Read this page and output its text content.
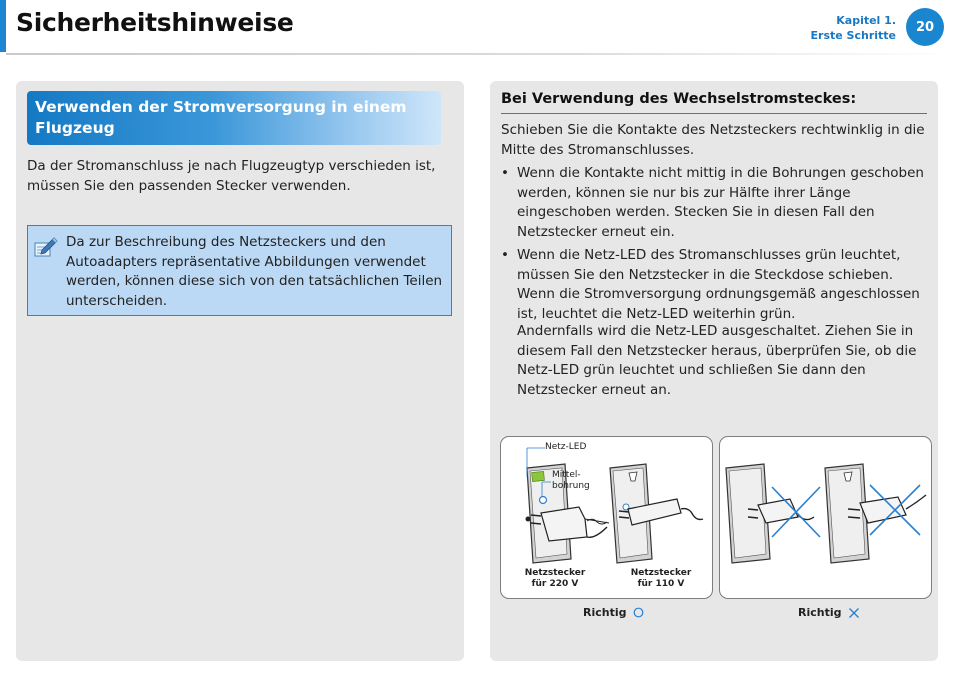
Sicherheitshinweise	Kapitel 1.
Erste Schritte
20
Verwenden der Stromversorgung in einem Flugzeug
Da der Stromanschluss je nach Flugzeugtyp verschieden ist, müssen Sie den passenden Stecker verwenden.
Da zur Beschreibung des Netzsteckers und den Autoadapters repräsentative Abbildungen verwendet werden, können diese sich von den tatsächlichen Teilen unterscheiden.
Bei Verwendung des Wechselstromsteckes:
Schieben Sie die Kontakte des Netzsteckers rechtwinklig in die Mitte des Stromanschlusses.
• Wenn die Kontakte nicht mittig in die Bohrungen geschoben werden, können sie nur bis zur Hälfte ihrer Länge eingeschoben werden. Stecken Sie in diesen Fall den Netzstecker erneut ein.
• Wenn die Netz-LED des Stromanschlusses grün leuchtet, müssen Sie den Netzstecker in die Steckdose schieben. Wenn die Stromversorgung ordnungsgemäß angeschlossen ist, leuchtet die Netz-LED weiterhin grün.
Andernfalls wird die Netz-LED ausgeschaltet. Ziehen Sie in diesem Fall den Netzstecker heraus, überprüfen Sie, ob die Netz-LED grün leuchtet und schließen Sie dann den Netzstecker erneut an.
Netz-LED
Mittel-
bohrung
Netzstecker
für 220 V
Netzstecker
für 110 V
Richtig	Richtig
